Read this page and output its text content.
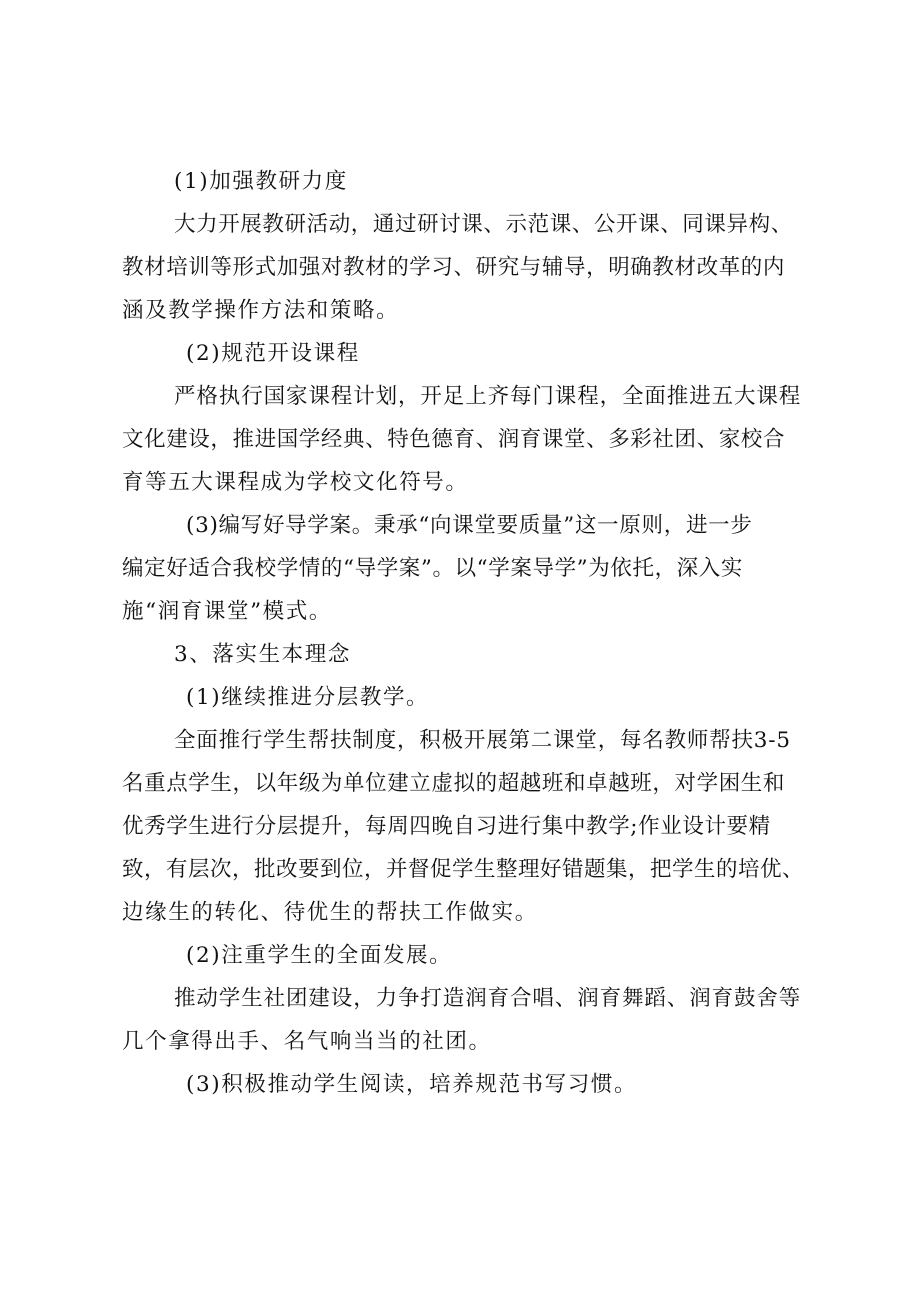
(1)加强教研力度
大力开展教研活动，通过研讨课、示范课、公开课、同课异构、
教材培训等形式加强对教材的学习、研究与辅导，明确教材改革的内
涵及教学操作方法和策略。
(2)规范开设课程
严格执行国家课程计划，开足上齐每门课程，全面推进五大课程
文化建设，推进国学经典、特色德育、润育课堂、多彩社团、家校合
育等五大课程成为学校文化符号。
(3)编写好导学案。秉承“向课堂要质量”这一原则，进一步
编定好适合我校学情的“导学案”。以“学案导学”为依托，深入实
施“润育课堂”模式。
3、落实生本理念
(1)继续推进分层教学。
全面推行学生帮扶制度，积极开展第二课堂，每名教师帮扶3-5
名重点学生，以年级为单位建立虚拟的超越班和卓越班，对学困生和
优秀学生进行分层提升，每周四晚自习进行集中教学;作业设计要精
致，有层次，批改要到位，并督促学生整理好错题集，把学生的培优、
边缘生的转化、待优生的帮扶工作做实。
(2)注重学生的全面发展。
推动学生社团建设，力争打造润育合唱、润育舞蹈、润育鼓舍等
几个拿得出手、名气响当当的社团。
(3)积极推动学生阅读，培养规范书写习惯。
